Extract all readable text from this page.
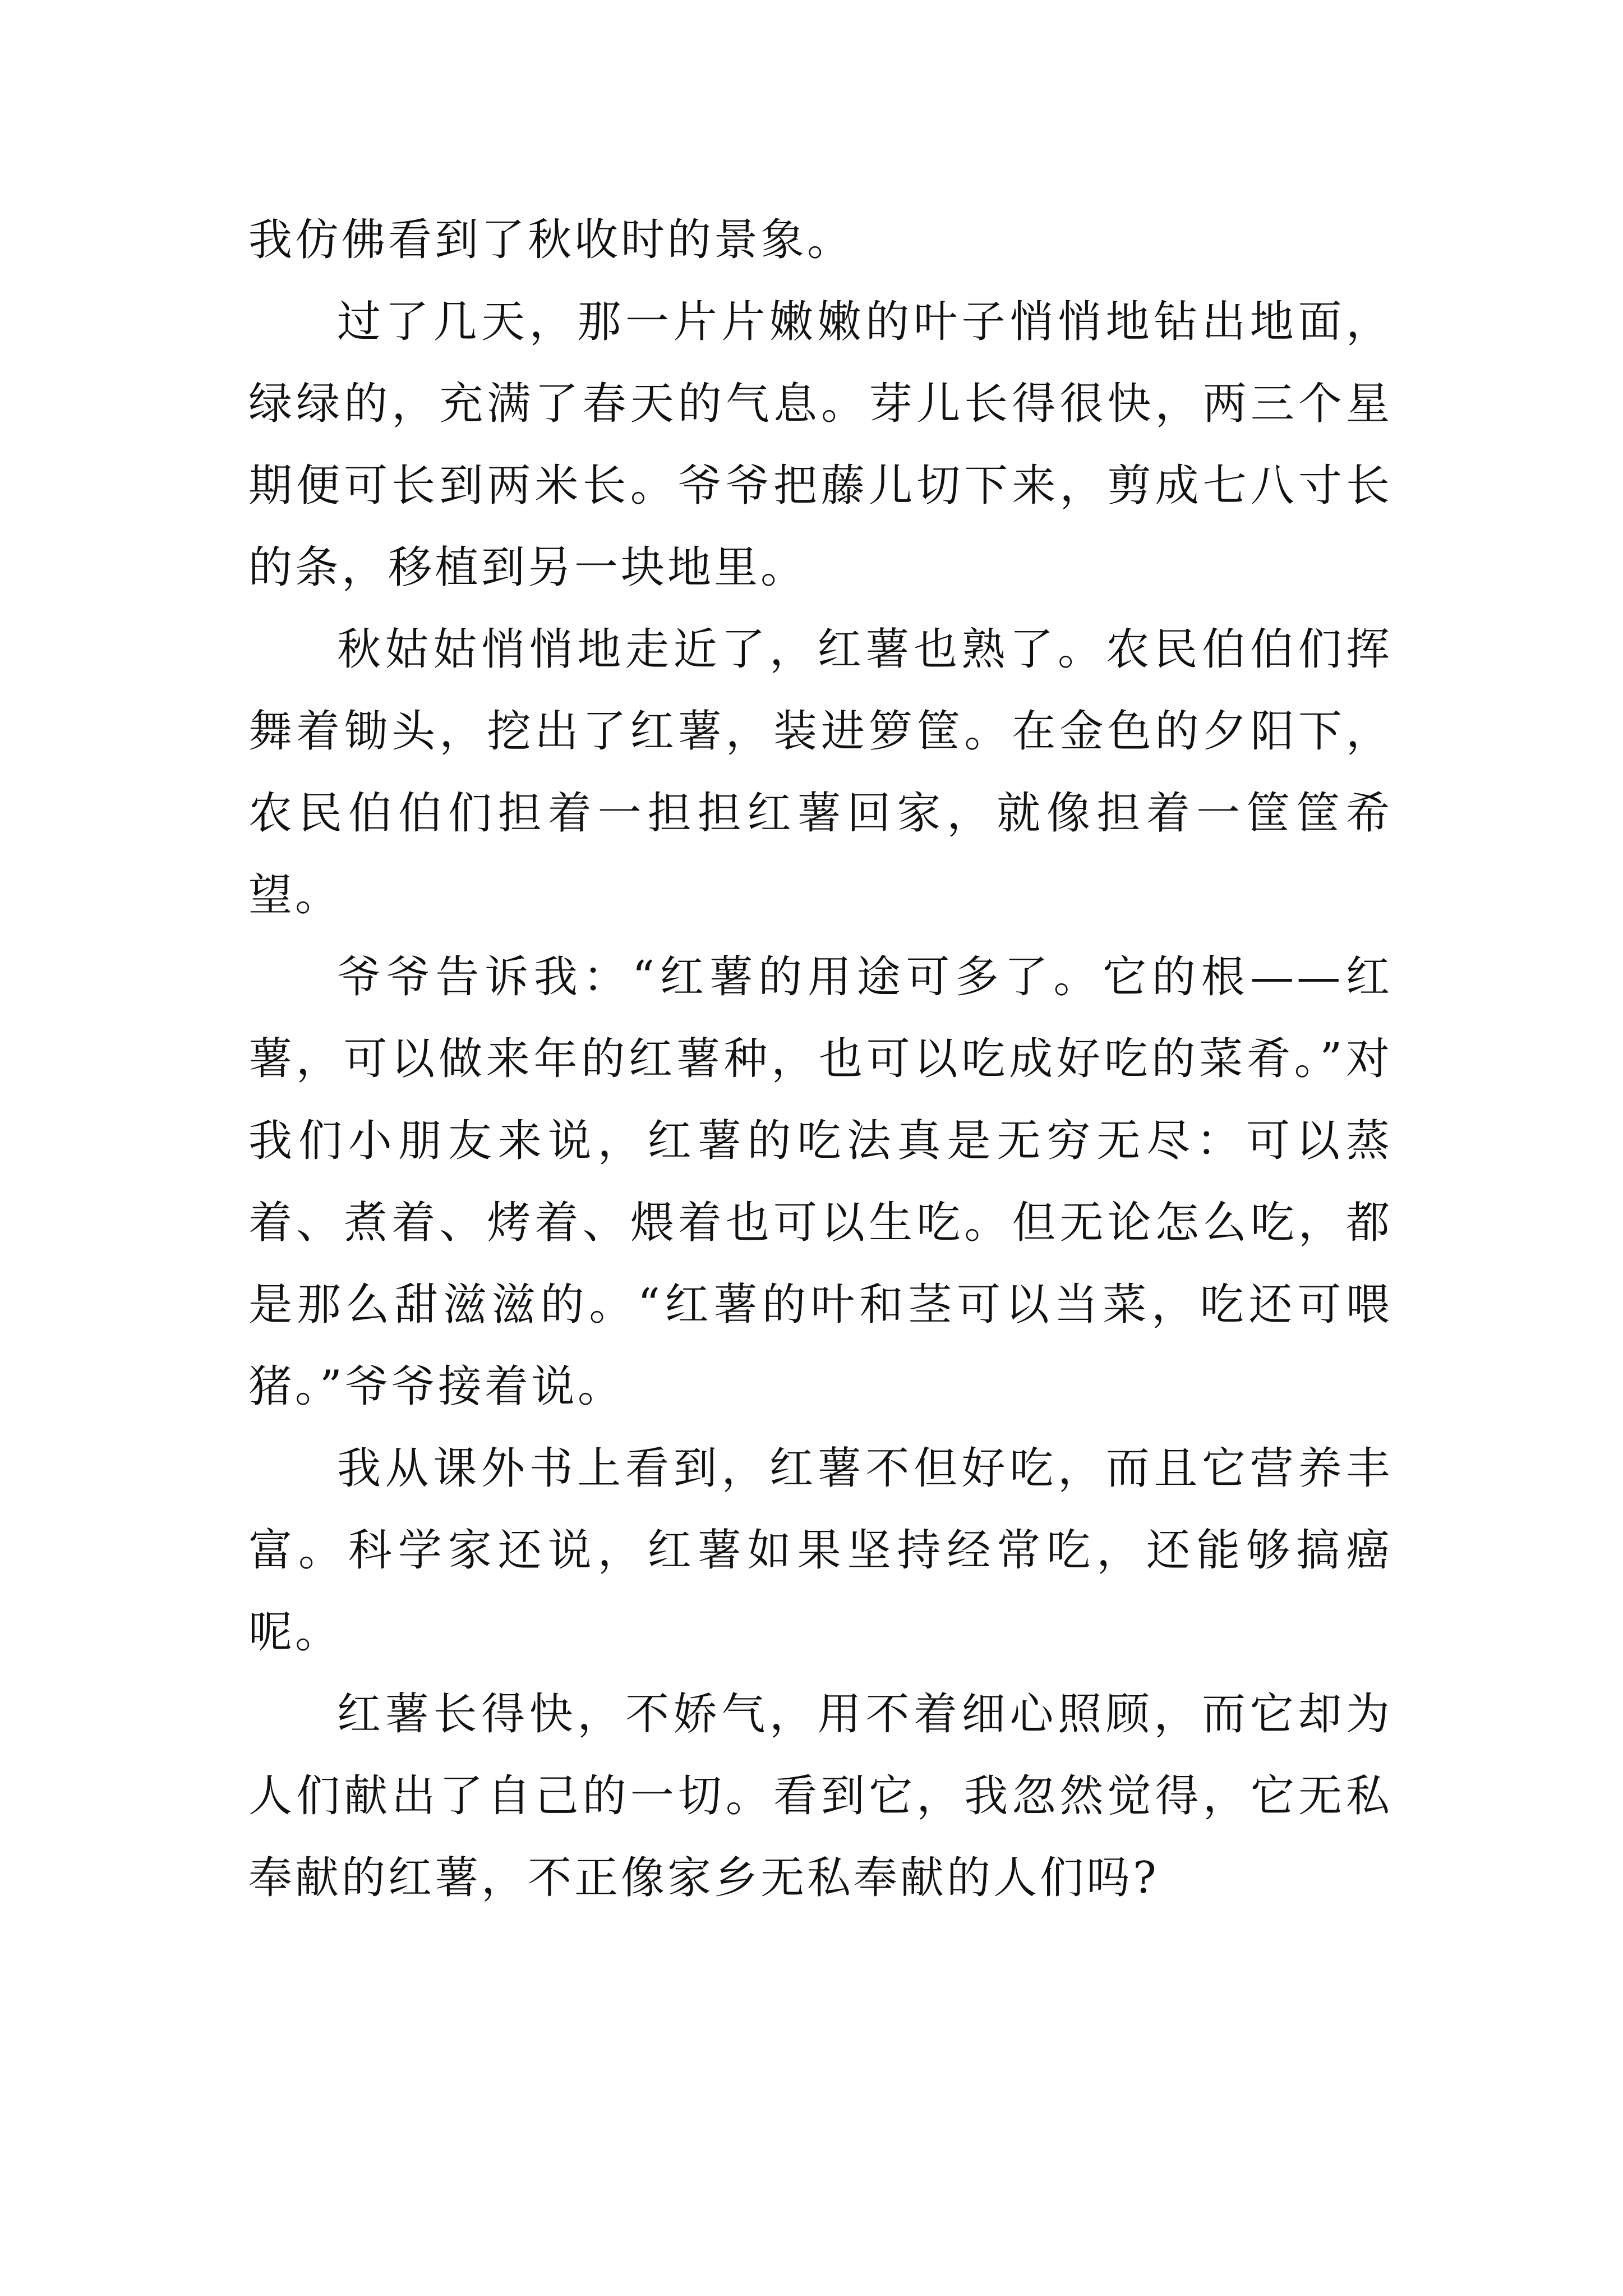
我仿佛看到了秋收时的景象。

过了几天，那一片片嫩嫩的叶子悄悄地钻出地面，绿绿的，充满了春天的气息。芽儿长得很快，两三个星期便可长到两米长。爷爷把藤儿切下来，剪成七八寸长的条，移植到另一块地里。

秋姑姑悄悄地走近了，红薯也熟了。农民伯伯们挥舞着锄头，挖出了红薯，装进箩筐。在金色的夕阳下，农民伯伯们担着一担担红薯回家，就像担着一筐筐希望。

爷爷告诉我：“红薯的用途可多了。它的根——红薯，可以做来年的红薯种，也可以吃成好吃的菜肴。”对我们小朋友来说，红薯的吃法真是无穷无尽：可以蒸着、煮着、烤着、煨着也可以生吃。但无论怎么吃，都是那么甜滋滋的。“红薯的叶和茎可以当菜，吃还可喂猪。”爷爷接着说。

我从课外书上看到，红薯不但好吃，而且它营养丰富。科学家还说，红薯如果坚持经常吃，还能够搞癌呢。

红薯长得快，不娇气，用不着细心照顾，而它却为人们献出了自己的一切。看到它，我忽然觉得，它无私奉献的红薯，不正像家乡无私奉献的人们吗?
